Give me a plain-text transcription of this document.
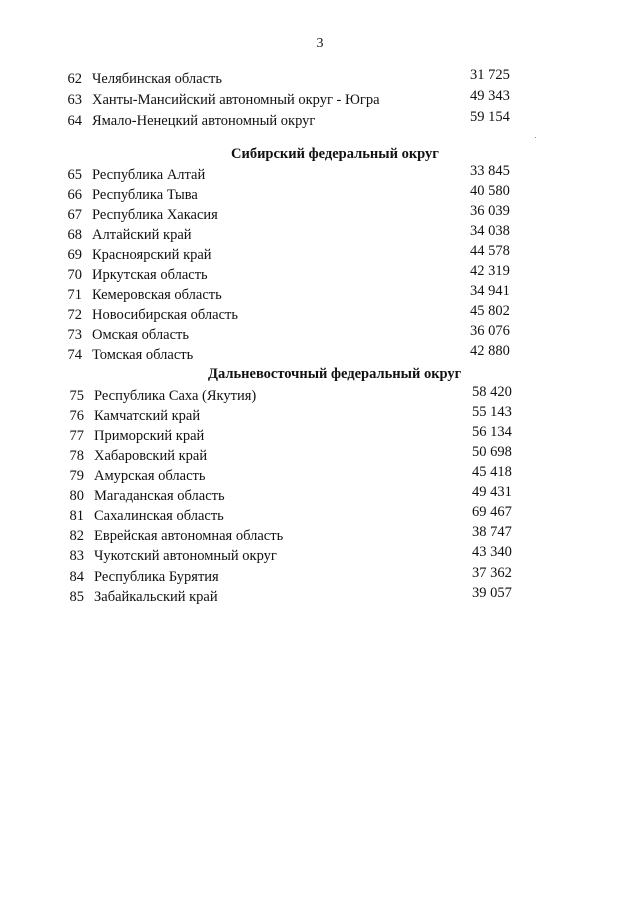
3
62 Челябинская область	31 725
63 Ханты-Мансийский автономный округ - Югра	49 343
64 Ямало-Ненецкий автономный округ	59 154
Сибирский федеральный округ
65 Республика Алтай	33 845
66 Республика Тыва	40 580
67 Республика Хакасия	36 039
68 Алтайский край	34 038
69 Красноярский край	44 578
70 Иркутская область	42 319
71 Кемеровская область	34 941
72 Новосибирская область	45 802
73 Омская область	36 076
74 Томская область	42 880
Дальневосточный федеральный округ
75 Республика Саха (Якутия)	58 420
76 Камчатский край	55 143
77 Приморский край	56 134
78 Хабаровский край	50 698
79 Амурская область	45 418
80 Магаданская область	49 431
81 Сахалинская область	69 467
82 Еврейская автономная область	38 747
83 Чукотский автономный округ	43 340
84 Республика Бурятия	37 362
85 Забайкальский край	39 057
